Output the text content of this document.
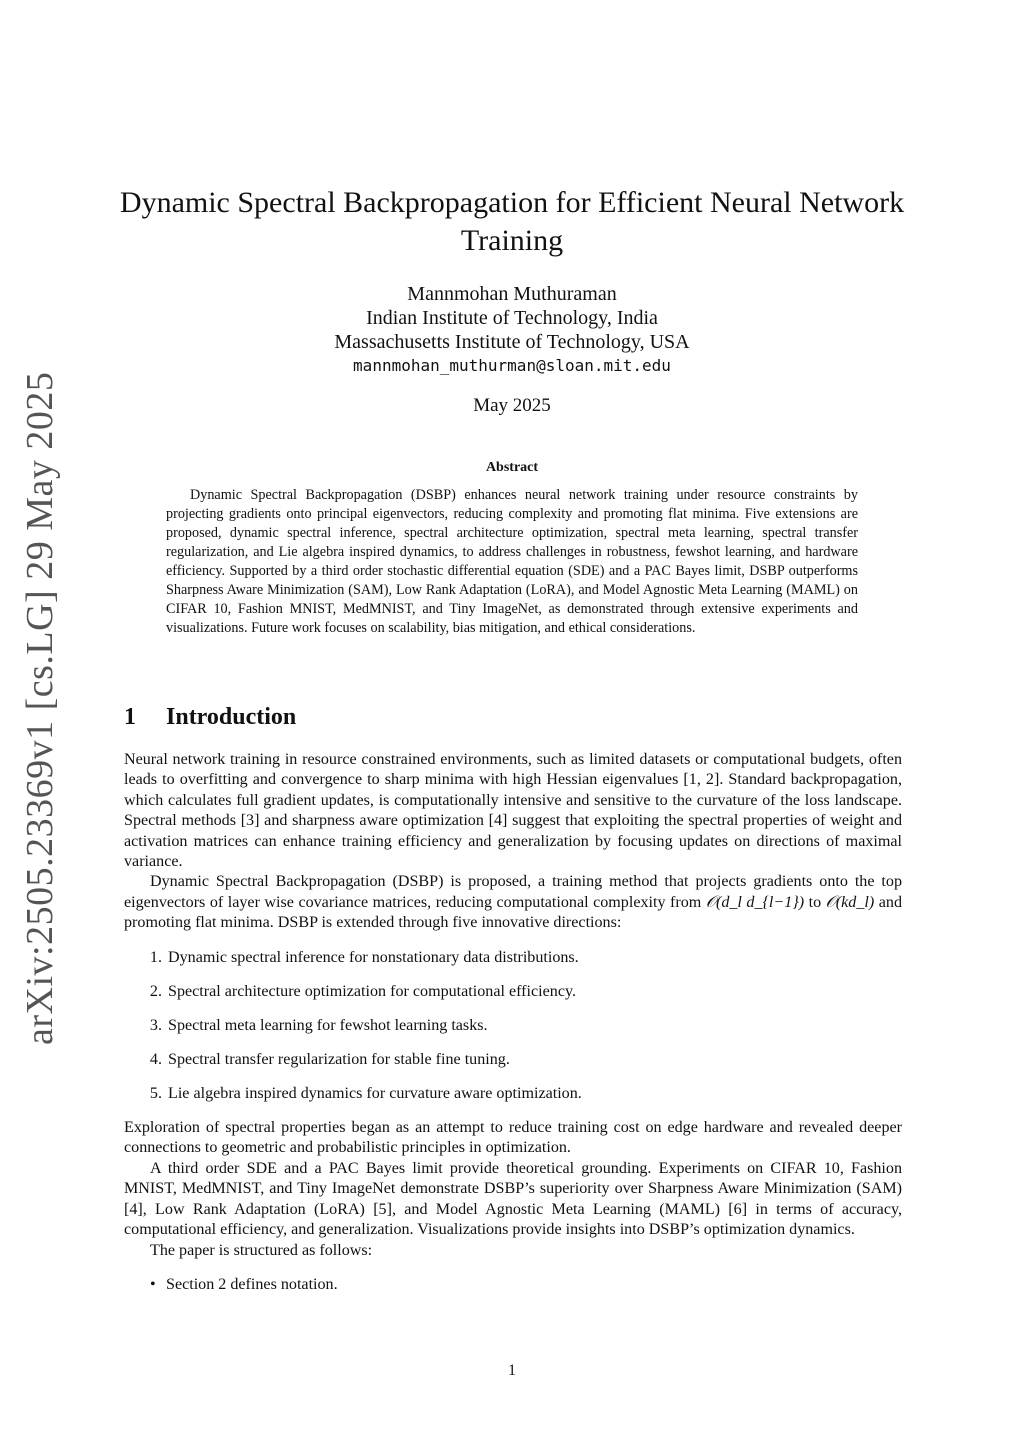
arXiv:2505.23369v1 [cs.LG] 29 May 2025
Dynamic Spectral Backpropagation for Efficient Neural Network Training
Mannmohan Muthuraman
Indian Institute of Technology, India
Massachusetts Institute of Technology, USA
mannmohan_muthurman@sloan.mit.edu
May 2025
Abstract

Dynamic Spectral Backpropagation (DSBP) enhances neural network training under resource constraints by projecting gradients onto principal eigenvectors, reducing complexity and promoting flat minima. Five extensions are proposed, dynamic spectral inference, spectral architecture optimization, spectral meta learning, spectral transfer regularization, and Lie algebra inspired dynamics, to address challenges in robustness, fewshot learning, and hardware efficiency. Supported by a third order stochastic differential equation (SDE) and a PAC Bayes limit, DSBP outperforms Sharpness Aware Minimization (SAM), Low Rank Adaptation (LoRA), and Model Agnostic Meta Learning (MAML) on CIFAR 10, Fashion MNIST, MedMNIST, and Tiny ImageNet, as demonstrated through extensive experiments and visualizations. Future work focuses on scalability, bias mitigation, and ethical considerations.

1 Introduction

Neural network training in resource constrained environments, such as limited datasets or computational budgets, often leads to overfitting and convergence to sharp minima with high Hessian eigenvalues [1, 2]. Standard backpropagation, which calculates full gradient updates, is computationally intensive and sensitive to the curvature of the loss landscape. Spectral methods [3] and sharpness aware optimization [4] suggest that exploiting the spectral properties of weight and activation matrices can enhance training efficiency and generalization by focusing updates on directions of maximal variance.

Dynamic Spectral Backpropagation (DSBP) is proposed, a training method that projects gradients onto the top eigenvectors of layer wise covariance matrices, reducing computational complexity from 𝒪(d_l d_{l−1}) to 𝒪(kd_l) and promoting flat minima. DSBP is extended through five innovative directions:

1. Dynamic spectral inference for nonstationary data distributions.
2. Spectral architecture optimization for computational efficiency.
3. Spectral meta learning for fewshot learning tasks.
4. Spectral transfer regularization for stable fine tuning.
5. Lie algebra inspired dynamics for curvature aware optimization.

Exploration of spectral properties began as an attempt to reduce training cost on edge hardware and revealed deeper connections to geometric and probabilistic principles in optimization.

A third order SDE and a PAC Bayes limit provide theoretical grounding. Experiments on CIFAR 10, Fashion MNIST, MedMNIST, and Tiny ImageNet demonstrate DSBP’s superiority over Sharpness Aware Minimization (SAM) [4], Low Rank Adaptation (LoRA) [5], and Model Agnostic Meta Learning (MAML) [6] in terms of accuracy, computational efficiency, and generalization. Visualizations provide insights into DSBP’s optimization dynamics.

The paper is structured as follows:

• Section 2 defines notation.
1
